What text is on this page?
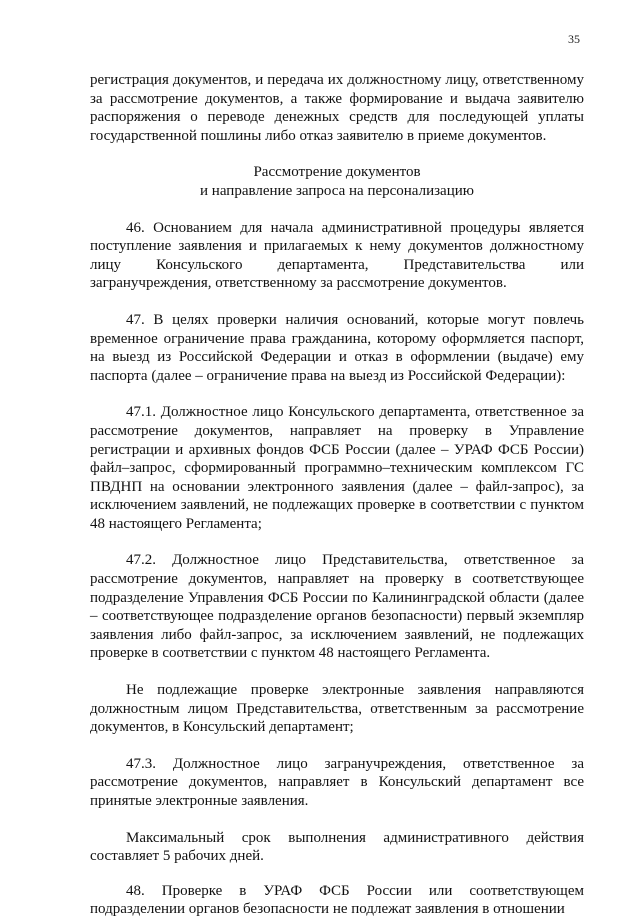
35

регистрация документов, и передача их должностному лицу, ответственному за рассмотрение документов, а также формирование и выдача заявителю распоряжения о переводе денежных средств для последующей уплаты государственной пошлины либо отказ заявителю в приеме документов.

Рассмотрение документов
и направление запроса на персонализацию

46. Основанием для начала административной процедуры является поступление заявления и прилагаемых к нему документов должностному лицу Консульского департамента, Представительства или загранучреждения, ответственному за рассмотрение документов.

47. В целях проверки наличия оснований, которые могут повлечь временное ограничение права гражданина, которому оформляется паспорт, на выезд из Российской Федерации и отказ в оформлении (выдаче) ему паспорта (далее – ограничение права на выезд из Российской Федерации):

47.1. Должностное лицо Консульского департамента, ответственное за рассмотрение документов, направляет на проверку в Управление регистрации и архивных фондов ФСБ России (далее – УРАФ ФСБ России) файл–запрос, сформированный программно–техническим комплексом ГС ПВДНП на основании электронного заявления (далее – файл-запрос), за исключением заявлений, не подлежащих проверке в соответствии с пунктом 48 настоящего Регламента;

47.2. Должностное лицо Представительства, ответственное за рассмотрение документов, направляет на проверку в соответствующее подразделение Управления ФСБ России по Калининградской области (далее – соответствующее подразделение органов безопасности) первый экземпляр заявления либо файл-запрос, за исключением заявлений, не подлежащих проверке в соответствии с пунктом 48 настоящего Регламента.

Не подлежащие проверке электронные заявления направляются должностным лицом Представительства, ответственным за рассмотрение документов, в Консульский департамент;

47.3. Должностное лицо загранучреждения, ответственное за рассмотрение документов, направляет в Консульский департамент все принятые электронные заявления.

Максимальный срок выполнения административного действия составляет 5 рабочих дней.

48. Проверке в УРАФ ФСБ России или соответствующем подразделении органов безопасности не подлежат заявления в отношении
